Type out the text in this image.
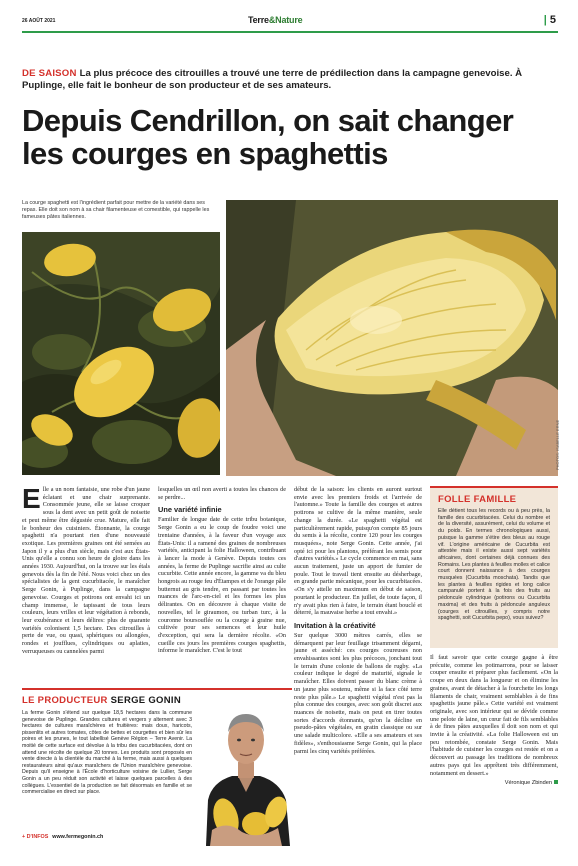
26 AOÛT 2021	Terre&Nature	| 5
DE SAISON La plus précoce des citrouilles a trouvé une terre de prédilection dans la campagne genevoise. À Puplinge, elle fait le bonheur de son producteur et de ses amateurs.
Depuis Cendrillon, on sait changer les courges en spaghettis

La courge spaghetti est l'ingrédient parfait pour mettre de la variété dans ses repas. Elle doit son nom à sa chair filamenteuse et comestible, qui rappelle les fameuses pâtes italiennes.

PHOTOS: ISABELLE ERNE
Elle a un nom fantaisie, une robe d'un jaune éclatant et une chair surprenante. Consommée jeune, elle se laisse croquer sous la dent avec un petit goût de noisette et peut même être dégustée crue. Mature, elle fait le bonheur des cuisiniers. Étonnante, la courge spaghetti n'a pourtant rien d'une nouveauté exotique. Les premières graines ont été semées au Japon il y a plus d'un siècle, mais c'est aux États-Unis qu'elle a connu son heure de gloire dans les années 1930. Aujourd'hui, on la trouve sur les étals genevois dès la fin de l'été. Nous voici chez un des spécialistes de la gent cucurbitacée, le maraîcher Serge Gonin, à Puplinge, dans la campagne genevoise. Courges et potirons ont envahi ici un champ immense, le tapissant de tous leurs couleurs, leurs vrilles et leur végétation à rebonds, leur exubérance et leurs délires: plus de quarante variétés colonisent 1,5 hectare. Des citrouilles à perte de vue, ou quasi, sphériques ou allongées, rondes et joufflues, cylindriques ou aplaties, verruqueuses ou cannelées parmi

lesquelles un œil non averti a toutes les chances de se perdre...

Une variété infinie

Familier de longue date de cette tribu botanique, Serge Gonin a eu le coup de foudre voici une trentaine d'années, à la faveur d'un voyage aux États-Unis: il a ramené des graines de nombreuses variétés, anticipant la folie Halloween, contribuant à lancer la mode à Genève. Depuis toutes ces années, la ferme de Puplinge sacrifie ainsi au culte cucurbite. Cette année encore, la gamme va du bleu hongrois au rouge feu d'Étampes et de l'orange pâle butternut au gris tendre, en passant par toutes les nuances de l'arc-en-ciel et les formes les plus délirantes. On en découvre à chaque visite de nouvelles, tel le giraumon, ou turban turc, à la couronne boursouflée ou la courge à graine nue, cultivée pour ses semences et leur huile d'exception, qui sera la dernière récolte. «On cueille ces jours les premières courges spaghettis, informe le maraîcher. C'est le tout

début de la saison: les clients en auront surtout envie avec les premiers froids et l'arrivée de l'automne.» Toute la famille des courges et autres potirons se cultive de la même manière, seule change la durée. «Le spaghetti végétal est particulièrement rapide, puisqu'on compte 85 jours du semis à la récolte, contre 120 pour les courges musquées», note Serge Gonin. Cette année, j'ai opté ici pour les plantons, préférant les semis pour d'autres variétés.» Le cycle commence en mai, sans aucun traitement, juste un apport de fumier de poule. Tout le travail tient ensuite au désherbage, en grande partie mécanique, pour les cucurbitacées. «On s'y attelle un maximum en début de saison, pourtant le producteur. En juillet, de toute façon, il n'y avait plus rien à faire, le terrain étant bouclé et déterré, la mauvaise herbe a tout envahi.»

Invitation à la créativité

Sur quelque 3000 mètres carrés, elles se démarquent par leur feuillage trisamment dégarni, jaune et asséché: ces courges coureuses non envahissantes sont les plus précoces, jonchant tout le terrain d'une colonie de ballons de rugby. «La couleur indique le degré de maturité, signale le maraîcher. Elles doivent passer du blanc crème à un jaune plus soutenu, même si la face côté terre reste plus pâle.» Le spaghetti végétal n'est pas la plus connue des courges, avec son goût discret aux nuances de noisette, mais on peut en tirer toutes sortes d'accords étonnants, qu'on la décline en pseudo-pâtes végétales, en gratin classique ou sur une salade multicolore. «Elle a ses amateurs et ses fidèles», s'enthousiasme Serge Gonin, qui la place parmi les cinq variétés préférées.

FOLLE FAMILLE

Elle détient tous les records ou à peu près, la famille des cucurbitacées. Celui du nombre et de la diversité, assurément, celui du volume et du poids. En termes chronologiques aussi, puisque la gamme s'étire des bleus au rouge vif. L'origine américaine de Cucurbita est attestée mais il existe aussi sept variétés africaines, dont certaines déjà connues des Romains. Les plantes à feuilles molles et calice court donnent naissance à des courges musquées (Cucurbita moschata). Tandis que les plantes à feuilles rigides et long calice campanulé portent à la fois des fruits au pédoncule cylindrique (potirons ou Cucurbita maxima) et des fruits à pédoncule anguleux (courges et citrouilles, y compris notre spaghetti, soit Cucurbita pepo), vous suivez?

Il faut savoir que cette courge gagne à être précuite, comme les potimarrons, pour se laisser couper ensuite et préparer plus facilement. «On la coupe en deux dans la longueur et on élimine les graines, avant de détacher à la fourchette les longs filaments de chair, vraiment semblables à de fins spaghettis jaune pâle.» Cette variété est vraiment originale, avec son intérieur qui se dévide comme une pelote de laine, un cœur fait de fils semblables à de fines pâtes auxquelles il doit son nom et qui invite à la créativité. «La folie Halloween est un peu retombée, constate Serge Gonin. Mais l'habitude de cuisiner les courges est restée et on a découvert au passage les traditions de nombreux autres pays qui les apprêtent très différemment, notamment en dessert.»

Véronique Zbinden

LE PRODUCTEUR SERGE GONIN

La ferme Gonin s'étend sur quelque 18,5 hectares dans la commune genevoise de Puplinge. Grandes cultures et vergers y alternent avec 3 hectares de cultures maraîchères et fruitières: mais doux, haricots, pissenlits et autres tomates, côtes de bettes et courgettes et bien sûr les poires et les prunes, le tout labellisé Genève Région – Terre Avenir. La moitié de cette surface est dévolue à la tribu des cucurbitacées, dont on attend une récolte de quelque 20 tonnes. Les produits sont proposés en vente directe à la clientèle du marché à la ferme, mais aussi à quelques restaurateurs ainsi qu'aux maraîchers de l'Union maraîchère genevoise. Depuis qu'il enseigne à l'École d'horticulture voisine de Lullier, Serge Gonin a un peu réduit son activité et laisse quelques parcelles à des collègues. L'essentiel de la production se fait désormais en famille et se commercialise en direct sur place.

+ D'INFOS www.fermegonin.ch
